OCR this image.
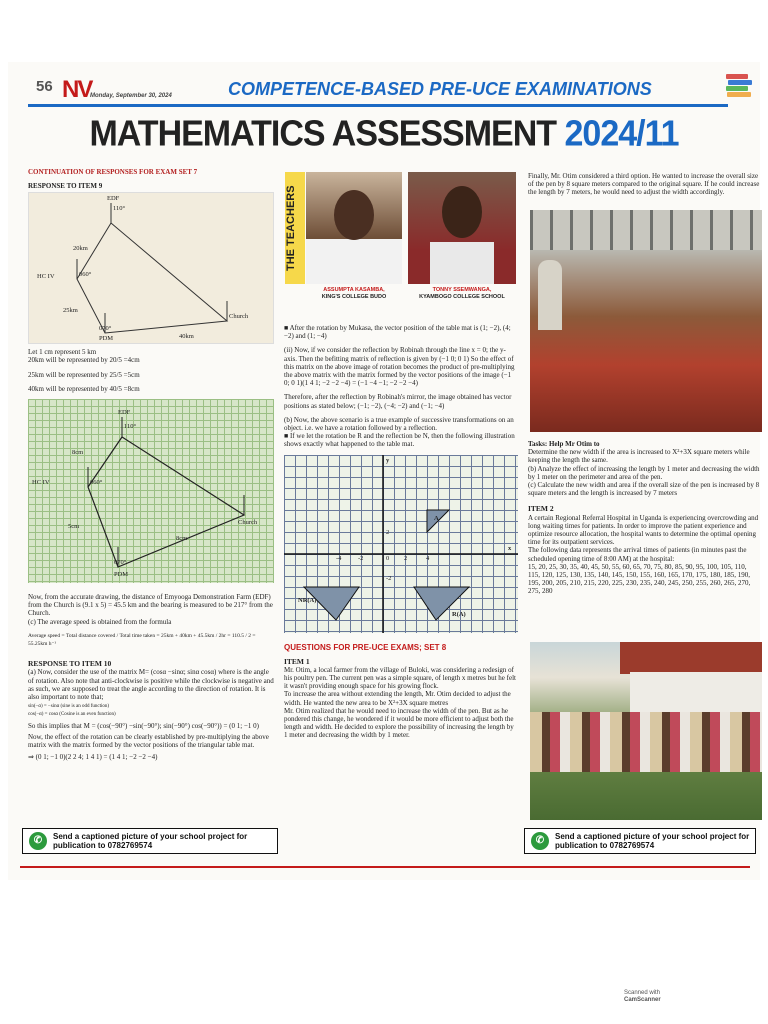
56 NV
Monday, September 30, 2024	COMPETENCE-BASED PRE-UCE EXAMINATIONS
MATHEMATICS ASSESSMENT 2024/11
CONTINUATION OF RESPONSES FOR EXAM SET 7
RESPONSE TO ITEM 9
EDF
110°
20km
HC IV	060°
25km
Church
40km
070°
PDM
Let 1 cm represent 5 km
20km will be represented by 20/5 =4cm
25km will be represented by 25/5 =5cm
40km will be represented by 40/5 =8cm
EDF
110°
8cm
HC IV	060°
5cm
Church
8cm
070°
PDM
Now, from the accurate drawing, the distance of Emyooga Demonstration Farm (EDF) from the Church is (9.1 x 5) = 45.5 km and the bearing is measured to be 217° from the Church.
(c) The average speed is obtained from the formula
Average speed = Total distance covered / Total time taken = 25km + 40km + 45.5km / 2hr = 110.5 / 2 = 55.25km h⁻¹
RESPONSE TO ITEM 10
(a) Now, consider the use of the matrix M= (cosα −sinα; sinα cosα) where is the angle of rotation. Also note that anti-clockwise is positive while the clockwise is negative and as such, we are supposed to treat the angle according to the direction of rotation. It is also important to note that;
sin(−α) = −sinα (sine is an odd function)
cos(−α) = cosα (Cosine is an even function)
So this implies that M = (cos(−90°) −sin(−90°); sin(−90°) cos(−90°)) = (0 1; −1 0)
Now, the effect of the rotation can be clearly established by pre-multiplying the above matrix with the matrix formed by the vector positions of the triangular table mat.
⇒ (0 1; −1 0)(2 2 4; 1 4 1) = (1 4 1; −2 −2 −4)
✆	Send a captioned picture of your school project for publication to 0782769574
THE TEACHERS
ASSUMPTA KASAMBA,
KING'S COLLEGE BUDO
TONNY SSEMWANGA,
KYAMBOGO COLLEGE SCHOOL
■ After the rotation by Mukasa, the vector position of the table mat is (1; −2), (4; −2) and (1; −4)
(ii) Now, if we consider the reflection by Robinah through the line x = 0; the y- axis. Then the befitting matrix of reflection is given by (−1 0; 0 1) So the effect of this matrix on the above image of rotation becomes the product of pre-multiplying the above matrix with the matrix formed by the vector positions of the image (−1 0; 0 1)(1 4 1; −2 −2 −4) = (−1 −4 −1; −2 −2 −4)
Therefore, after the reflection by Robinah's mirror, the image obtained has vector positions as stated below; (−1; −2), (−4; −2) and (−1; −4)
(b) Now, the above scenario is a true example of successive transformations on an object. i.e. we have a rotation followed by a reflection.
■ If we let the rotation be R and the reflection be N, then the following illustration shows exactly what happened to the table mat.
y
x
A
NR(A)
R(A)
-4	-2	2	4
2
-2
0
QUESTIONS FOR PRE-UCE EXAMS; SET 8
ITEM 1
Mr. Otim, a local farmer from the village of Buloki, was considering a redesign of his poultry pen. The current pen was a simple square, of length x metres but he felt it wasn't providing enough space for his growing flock.
To increase the area without extending the length, Mr. Otim decided to adjust the width. He wanted the new area to be X²+3X square metres
Mr. Otim realized that he would need to increase the width of the pen. But as he pondered this change, he wondered if it would be more efficient to adjust both the length and width. He decided to explore the possibility of increasing the length by 1 meter and decreasing the width by 1 meter.
Finally, Mr. Otim considered a third option. He wanted to increase the overall size of the pen by 8 square meters compared to the original square. If he could increase the length by 7 meters, he would need to adjust the width accordingly.
Tasks: Help Mr Otim to
Determine the new width if the area is increased to X²+3X square meters while keeping the length the same.
(b) Analyze the effect of increasing the length by 1 meter and decreasing the width by 1 meter on the perimeter and area of the pen.
(c) Calculate the new width and area if the overall size of the pen is increased by 8 square meters and the length is increased by 7 meters
ITEM 2
A certain Regional Referral Hospital in Uganda is experiencing overcrowding and long waiting times for patients. In order to improve the patient experience and optimize resource allocation, the hospital wants to determine the optimal opening time for its outpatient services.
The following data represents the arrival times of patients (in minutes past the scheduled opening time of 8:00 AM) at the hospital:
15, 20, 25, 30, 35, 40, 45, 50, 55, 60, 65, 70, 75, 80, 85, 90, 95, 100, 105, 110, 115, 120, 125, 130, 135, 140, 145, 150, 155, 160, 165, 170, 175, 180, 185, 190, 195, 200, 205, 210, 215, 220, 225, 230, 235, 240, 245, 250, 255, 260, 265, 270, 275, 280
✆	Send a captioned picture of your school project for publication to 0782769574
Scanned with
CamScanner
